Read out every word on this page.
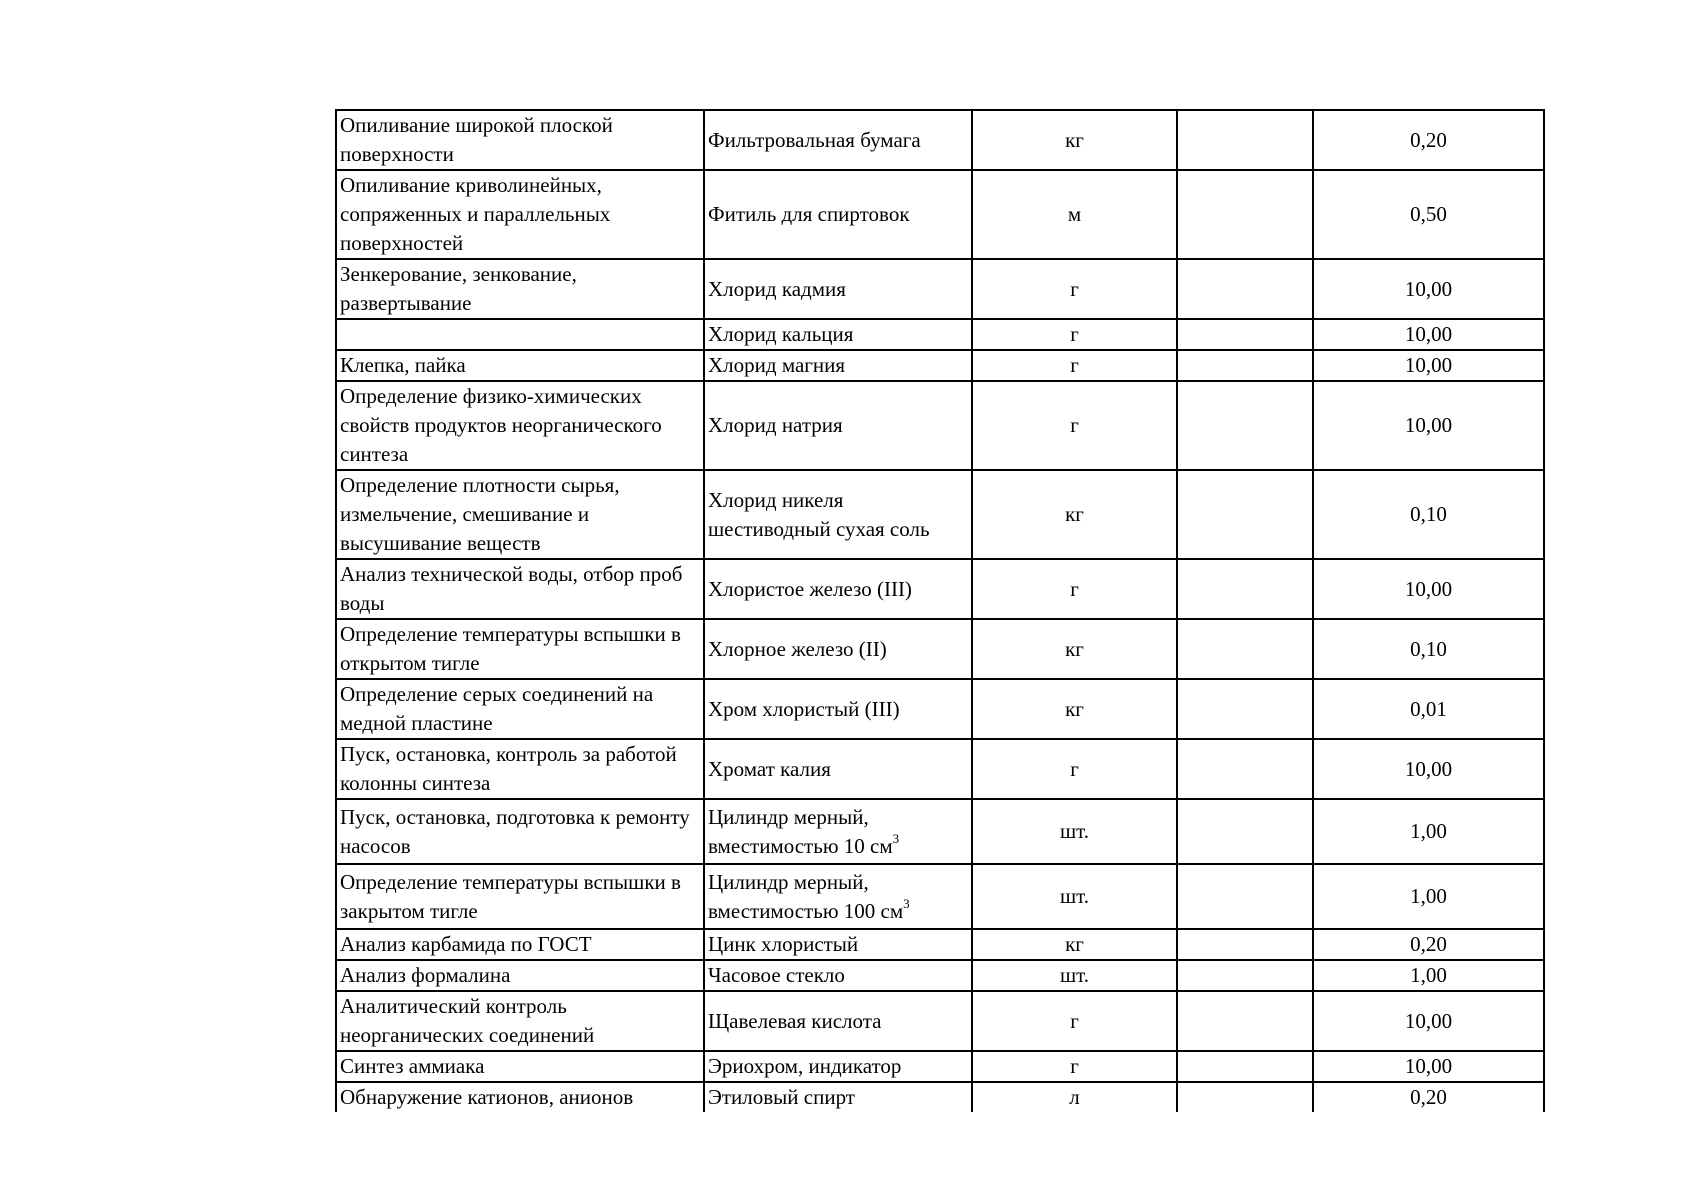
Опиливание широкой плоской поверхности	Фильтровальная бумага	кг		0,20
Опиливание криволинейных, сопряженных и параллельных поверхностей	Фитиль для спиртовок	м		0,50
Зенкерование, зенкование, развертывание	Хлорид кадмия	г		10,00
	Хлорид кальция	г		10,00
Клепка, пайка	Хлорид магния	г		10,00
Определение физико-химических свойств продуктов неорганического синтеза	Хлорид натрия	г		10,00
Определение плотности сырья, измельчение, смешивание и высушивание веществ	Хлорид никеля шестиводный сухая соль	кг		0,10
Анализ технической воды, отбор проб воды	Хлористое железо (III)	г		10,00
Определение температуры вспышки в открытом тигле	Хлорное железо (II)	кг		0,10
Определение серых соединений на медной пластине	Хром хлористый (III)	кг		0,01
Пуск, остановка, контроль за работой колонны синтеза	Хромат калия	г		10,00
Пуск, остановка, подготовка к ремонту насосов	Цилиндр мерный, вместимостью 10 $см^3$	шт.		1,00
Определение температуры вспышки в закрытом тигле	Цилиндр мерный, вместимостью 100 $см^3$	шт.		1,00
Анализ карбамида по ГОСТ	Цинк хлористый	кг		0,20
Анализ формалина	Часовое стекло	шт.		1,00
Аналитический контроль неорганических соединений	Щавелевая кислота	г		10,00
Синтез аммиака	Эриохром, индикатор	г		10,00
Обнаружение катионов, анионов	Этиловый спирт	л		0,20
